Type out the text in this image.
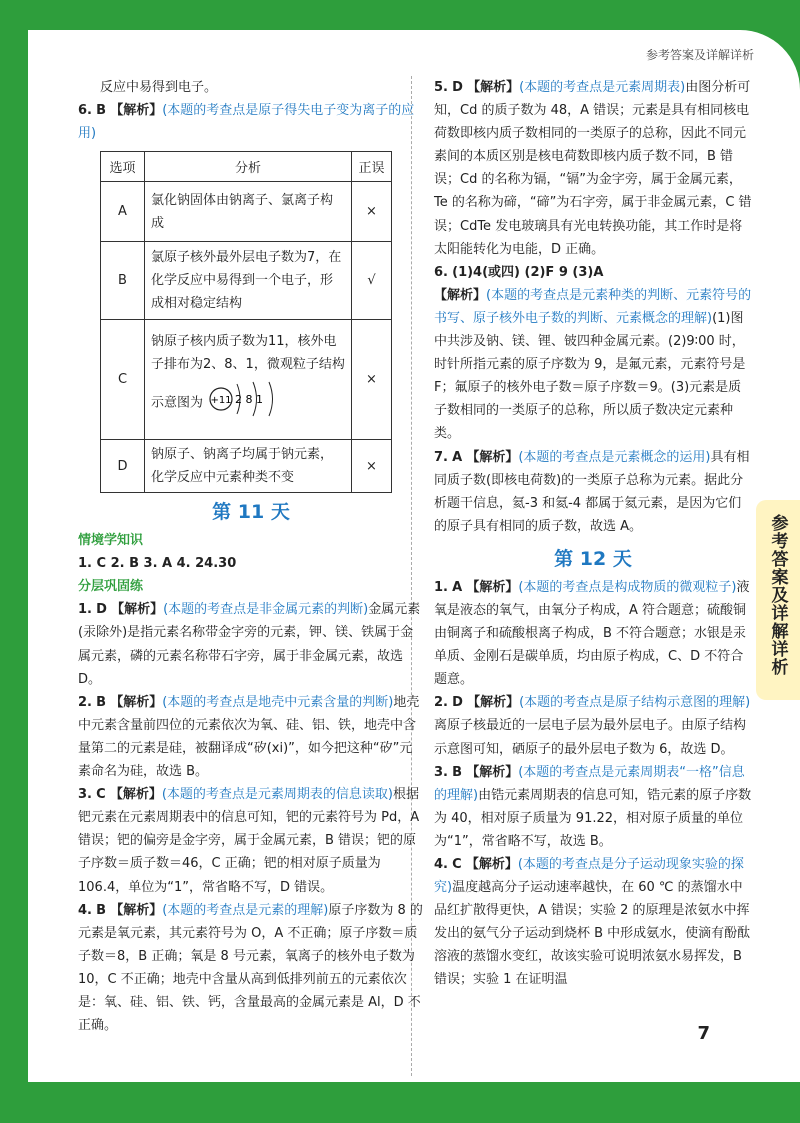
参考答案及详解详析

反应中易得到电子。

6. B 【解析】(本题的考查点是原子得失电子变为离子的应用)

选项	分析	正误
A	氯化钠固体由钠离子、氯离子构成	×
B	氯原子核外最外层电子数为7，在化学反应中易得到一个电子，形成相对稳定结构	√
C	钠原子核内质子数为11，核外电子排布为2、8、1，微观粒子结构
示意图为 +11 2 8 1	×
D	钠原子、钠离子均属于钠元素，化学反应中元素种类不变	×
第 11 天
情境学知识

1. C 2. B 3. A 4. 24.30

分层巩固练

1. D 【解析】(本题的考查点是非金属元素的判断)金属元素(汞除外)是指元素名称带金字旁的元素，钾、镁、铁属于金属元素，磷的元素名称带石字旁，属于非金属元素，故选 D。

2. B 【解析】(本题的考查点是地壳中元素含量的判断)地壳中元素含量前四位的元素依次为氧、硅、铝、铁，地壳中含量第二的元素是硅，被翻译成“矽(xi)”，如今把这种“矽”元素命名为硅，故选 B。

3. C 【解析】(本题的考查点是元素周期表的信息读取)根据钯元素在元素周期表中的信息可知，钯的元素符号为 Pd，A 错误；钯的偏旁是金字旁，属于金属元素，B 错误；钯的原子序数＝质子数＝46，C 正确；钯的相对原子质量为 106.4，单位为“1”，常省略不写，D 错误。

4. B 【解析】(本题的考查点是元素的理解)原子序数为 8 的元素是氧元素，其元素符号为 O，A 不正确；原子序数＝质子数＝8，B 正确；氧是 8 号元素，氧离子的核外电子数为 10，C 不正确；地壳中含量从高到低排列前五的元素依次是：氧、硅、铝、铁、钙，含量最高的金属元素是 Al，D 不正确。

5. D 【解析】(本题的考查点是元素周期表)由图分析可知，Cd 的质子数为 48，A 错误；元素是具有相同核电荷数即核内质子数相同的一类原子的总称，因此不同元素间的本质区别是核电荷数即核内质子数不同，B 错误；Cd 的名称为镉，“镉”为金字旁，属于金属元素，Te 的名称为碲，“碲”为石字旁，属于非金属元素，C 错误；CdTe 发电玻璃具有光电转换功能，其工作时是将太阳能转化为电能，D 正确。

6. (1)4(或四) (2)F 9 (3)A

【解析】(本题的考查点是元素种类的判断、元素符号的书写、原子核外电子数的判断、元素概念的理解)(1)图中共涉及钠、镁、锂、铍四种金属元素。(2)9∶00 时，时针所指元素的原子序数为 9，是氟元素，元素符号是 F；氟原子的核外电子数＝原子序数＝9。(3)元素是质子数相同的一类原子的总称，所以质子数决定元素种类。

7. A 【解析】(本题的考查点是元素概念的运用)具有相同质子数(即核电荷数)的一类原子总称为元素。据此分析题干信息，氦-3 和氦-4 都属于氦元素，是因为它们的原子具有相同的质子数，故选 A。

第 12 天

1. A 【解析】(本题的考查点是构成物质的微观粒子)液氧是液态的氧气，由氧分子构成，A 符合题意；硫酸铜由铜离子和硫酸根离子构成，B 不符合题意；水银是汞单质、金刚石是碳单质，均由原子构成，C、D 不符合题意。

2. D 【解析】(本题的考查点是原子结构示意图的理解)离原子核最近的一层电子层为最外层电子。由原子结构示意图可知，硒原子的最外层电子数为 6，故选 D。

3. B 【解析】(本题的考查点是元素周期表“一格”信息的理解)由锆元素周期表的信息可知，锆元素的原子序数为 40，相对原子质量为 91.22，相对原子质量的单位为“1”，常省略不写，故选 B。

4. C 【解析】(本题的考查点是分子运动现象实验的探究)温度越高分子运动速率越快，在 60 ℃ 的蒸馏水中品红扩散得更快，A 错误；实验 2 的原理是浓氨水中挥发出的氨气分子运动到烧杯 B 中形成氨水，使滴有酚酞溶液的蒸馏水变红，故该实验可说明浓氨水易挥发，B 错误；实验 1 在证明温

7
参考答案及详解详析
